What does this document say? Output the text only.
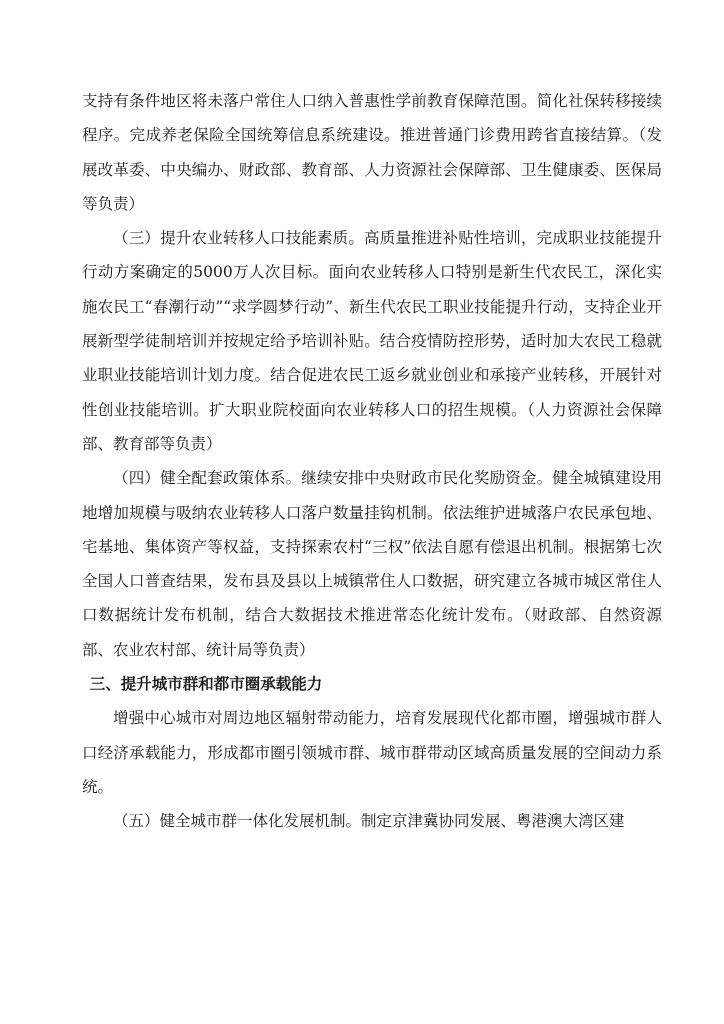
支持有条件地区将未落户常住人口纳入普惠性学前教育保障范围。简化社保转移接续程序。完成养老保险全国统筹信息系统建设。推进普通门诊费用跨省直接结算。（发展改革委、中央编办、财政部、教育部、人力资源社会保障部、卫生健康委、医保局等负责）

（三）提升农业转移人口技能素质。高质量推进补贴性培训，完成职业技能提升行动方案确定的5000万人次目标。面向农业转移人口特别是新生代农民工，深化实施农民工“春潮行动”“求学圆梦行动”、新生代农民工职业技能提升行动，支持企业开展新型学徒制培训并按规定给予培训补贴。结合疫情防控形势，适时加大农民工稳就业职业技能培训计划力度。结合促进农民工返乡就业创业和承接产业转移，开展针对性创业技能培训。扩大职业院校面向农业转移人口的招生规模。（人力资源社会保障部、教育部等负责）

（四）健全配套政策体系。继续安排中央财政市民化奖励资金。健全城镇建设用地增加规模与吸纳农业转移人口落户数量挂钩机制。依法维护进城落户农民承包地、宅基地、集体资产等权益，支持探索农村“三权”依法自愿有偿退出机制。根据第七次全国人口普查结果，发布县及县以上城镇常住人口数据，研究建立各城市城区常住人口数据统计发布机制，结合大数据技术推进常态化统计发布。（财政部、自然资源部、农业农村部、统计局等负责）

三、提升城市群和都市圈承载能力

增强中心城市对周边地区辐射带动能力，培育发展现代化都市圈，增强城市群人口经济承载能力，形成都市圈引领城市群、城市群带动区域高质量发展的空间动力系统。

（五）健全城市群一体化发展机制。制定京津冀协同发展、粤港澳大湾区建
